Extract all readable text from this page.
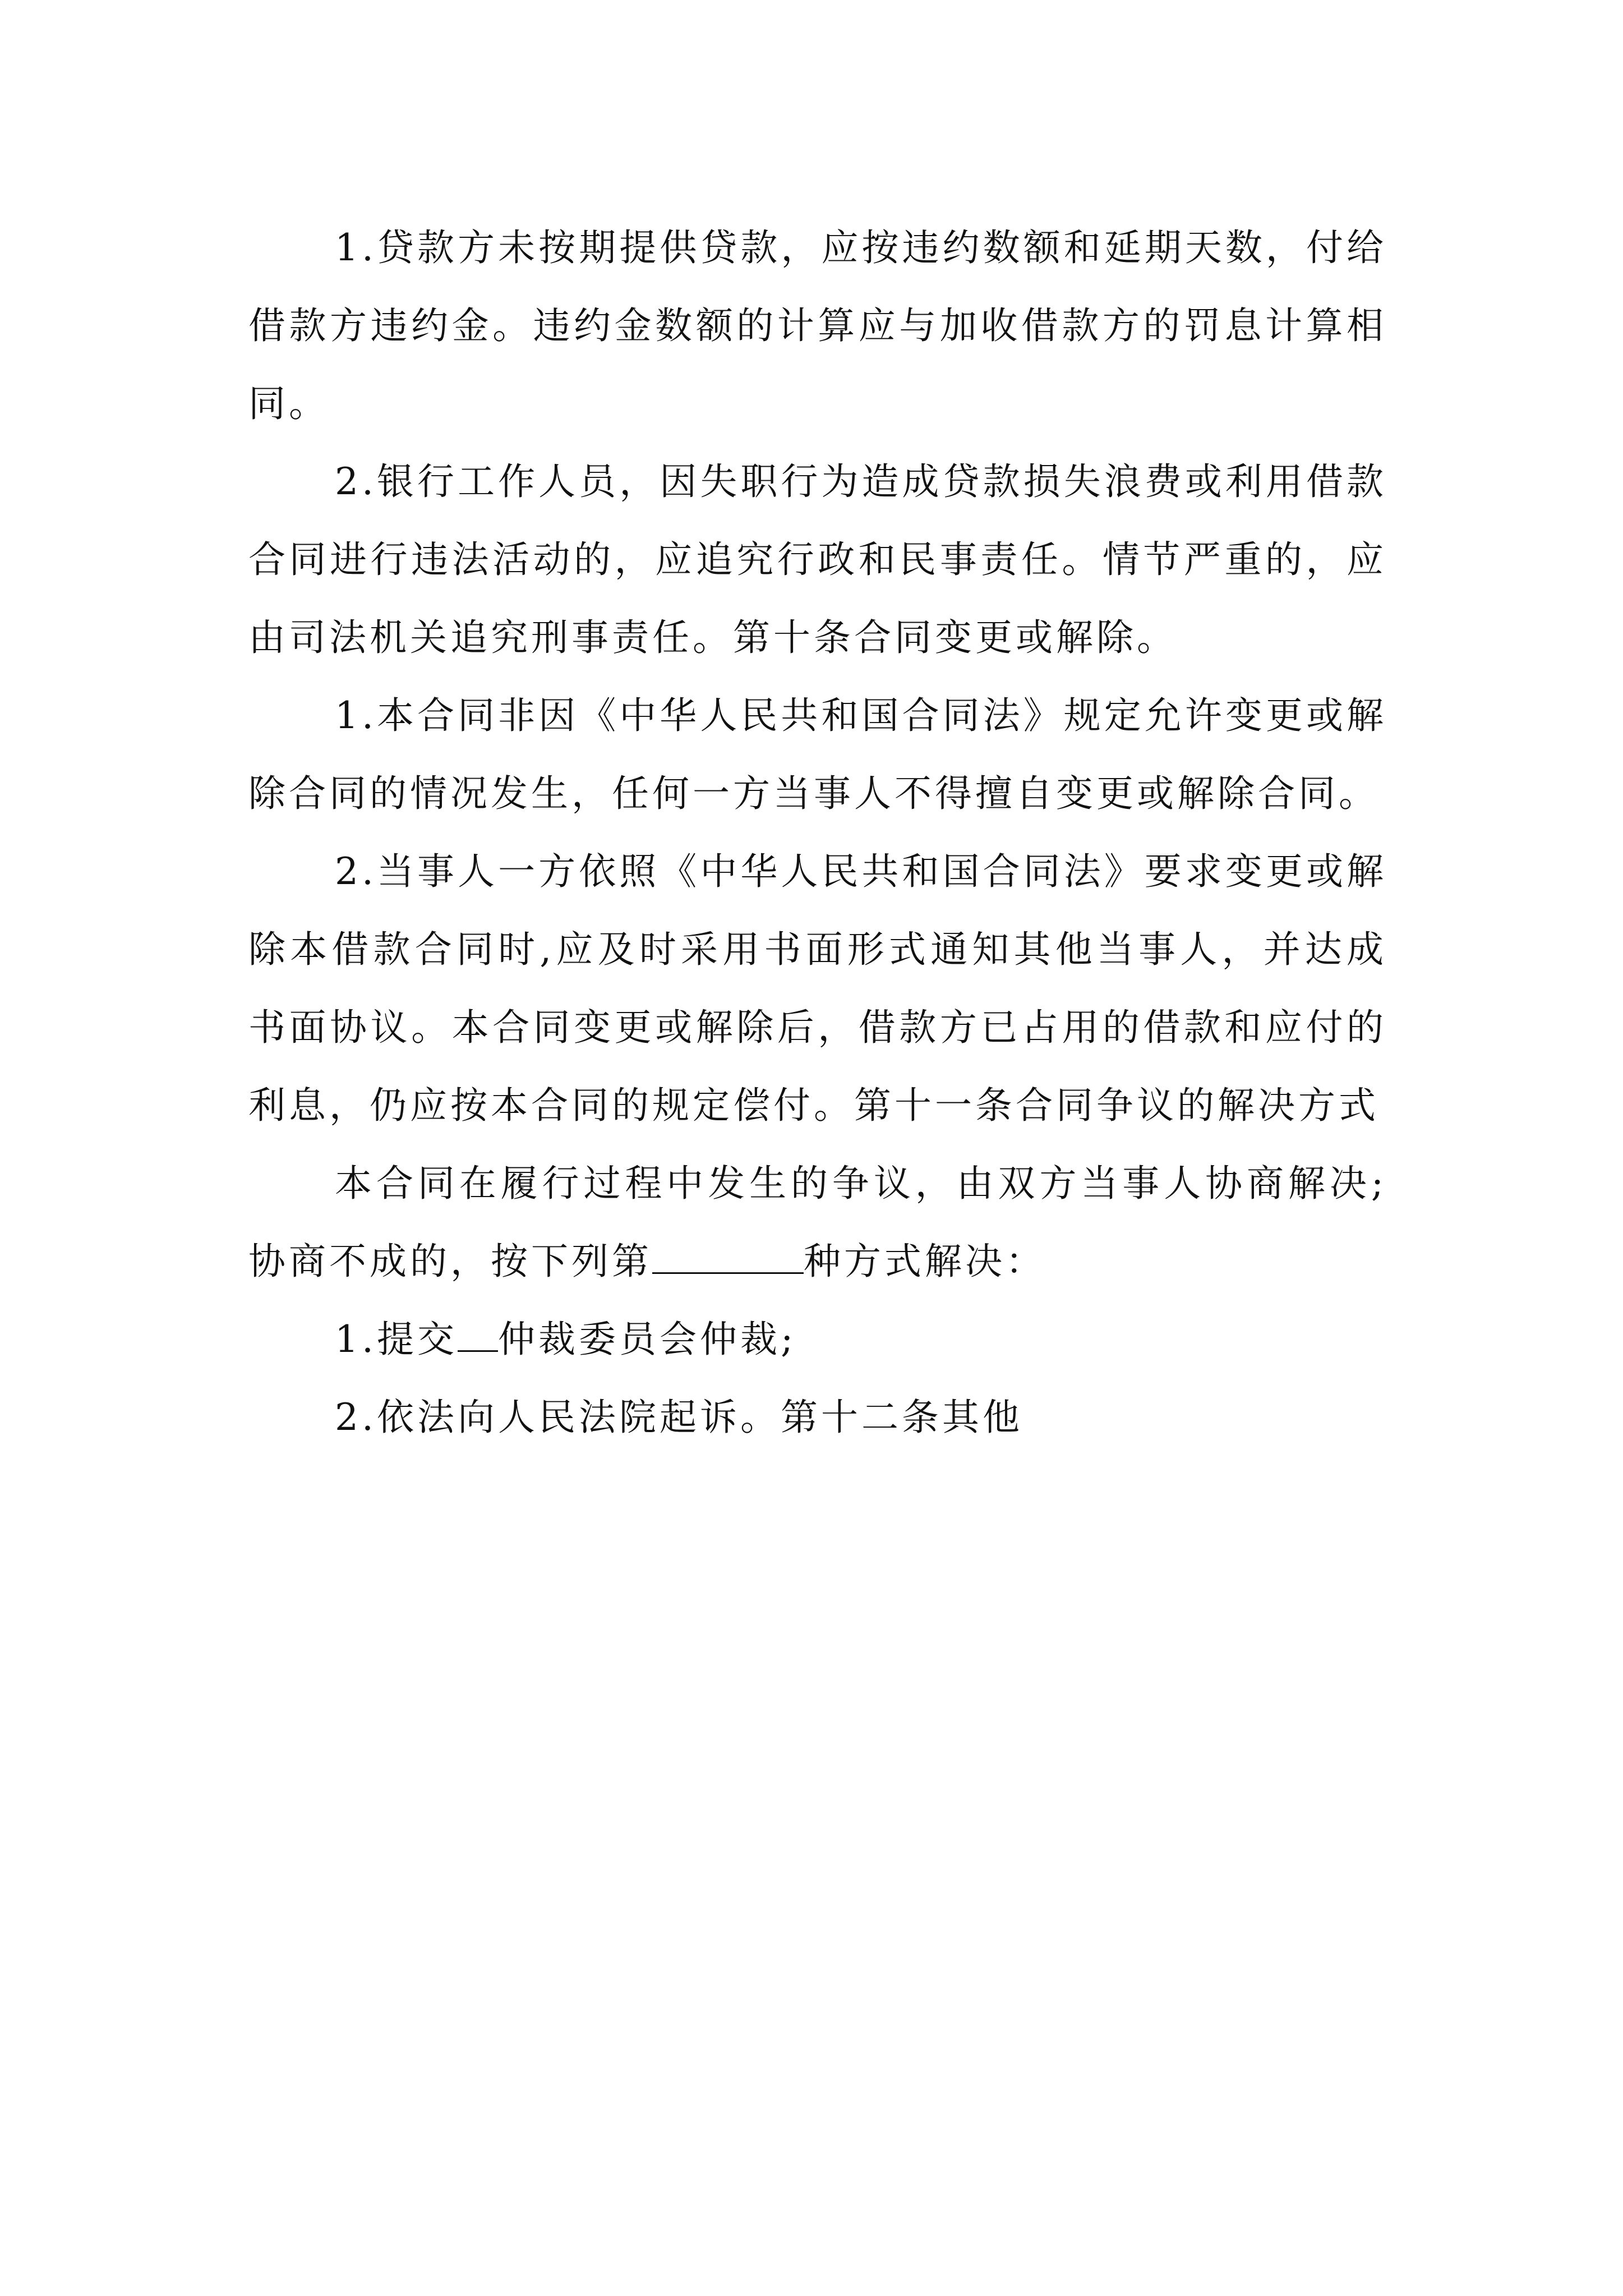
1.贷款方未按期提供贷款，应按违约数额和延期天数，付给借款方违约金。违约金数额的计算应与加收借款方的罚息计算相同。

2.银行工作人员，因失职行为造成贷款损失浪费或利用借款合同进行违法活动的，应追究行政和民事责任。情节严重的，应由司法机关追究刑事责任。第十条合同变更或解除。

1.本合同非因《中华人民共和国合同法》规定允许变更或解除合同的情况发生，任何一方当事人不得擅自变更或解除合同。

2.当事人一方依照《中华人民共和国合同法》要求变更或解除本借款合同时,应及时采用书面形式通知其他当事人，并达成书面协议。本合同变更或解除后，借款方已占用的借款和应付的利息，仍应按本合同的规定偿付。第十一条合同争议的解决方式

本合同在履行过程中发生的争议，由双方当事人协商解决;协商不成的，按下列第	种方式解决：

1.提交 仲裁委员会仲裁;

2.依法向人民法院起诉。第十二条其他
